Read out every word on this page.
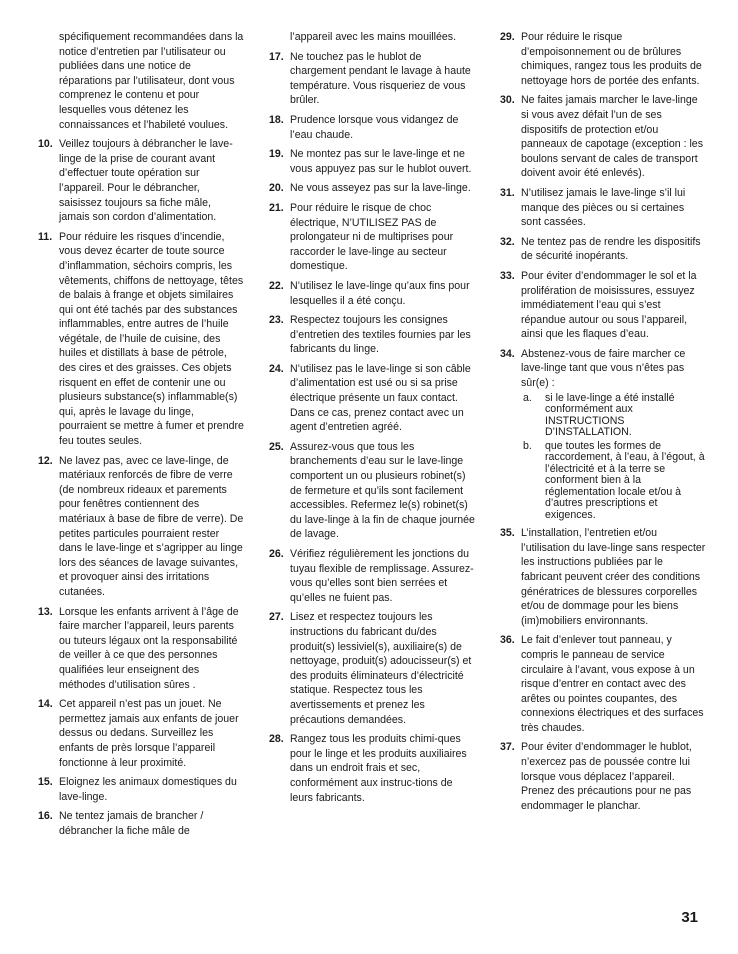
spécifiquement recommandées dans la notice d’entretien par l’utilisateur ou publiées dans une notice de réparations par l’utilisateur, dont vous comprenez le contenu et pour lesquelles vous détenez les connaissances et l’habileté voulues.
10. Veillez toujours à débrancher le lave-linge de la prise de courant avant d’effectuer toute opération sur l’appareil. Pour le débrancher, saisissez toujours sa fiche mâle, jamais son cordon d’alimentation.
11. Pour réduire les risques d’incendie, vous devez écarter de toute source d’inflammation, séchoirs compris, les vêtements, chiffons de nettoyage, têtes de balais à frange et objets similaires qui ont été tachés par des substances inflammables, entre autres de l’huile végétale, de l’huile de cuisine, des huiles et distillats à base de pétrole, des cires et des graisses. Ces objets risquent en effet de contenir une ou plusieurs substance(s) inflammable(s) qui, après le lavage du linge, pourraient se mettre à fumer et prendre feu toutes seules.
12. Ne lavez pas, avec ce lave-linge, de matériaux renforcés de fibre de verre (de nombreux rideaux et parements pour fenêtres contiennent des matériaux à base de fibre de verre). De petites particules pourraient rester dans le lave-linge et s’agripper au linge lors des séances de lavage suivantes, et provoquer ainsi des irritations cutanées.
13. Lorsque les enfants arrivent à l’âge de faire marcher l’appareil, leurs parents ou tuteurs légaux ont la responsabilité de veiller à ce que des personnes qualifiées leur enseignent des méthodes d’utilisation sûres .
14. Cet appareil n’est pas un jouet. Ne permettez jamais aux enfants de jouer dessus ou dedans. Surveillez les enfants de près lorsque l’appareil fonctionne à leur proximité.
15. Eloignez les animaux domestiques du lave-linge.
16. Ne tentez jamais de brancher / débrancher la fiche mâle de
l’appareil avec les mains mouillées.
17. Ne touchez pas le hublot de chargement pendant le lavage à haute température. Vous risqueriez de vous brûler.
18. Prudence lorsque vous vidangez de l’eau chaude.
19. Ne montez pas sur le lave-linge et ne vous appuyez pas sur le hublot ouvert.
20. Ne vous asseyez pas sur la lave-linge.
21. Pour réduire le risque de choc électrique, N’UTILISEZ PAS de prolongateur ni de multiprises pour raccorder le lave-linge au secteur domestique.
22. N’utilisez le lave-linge qu’aux fins pour lesquelles il a été conçu.
23. Respectez toujours les consignes d’entretien des textiles fournies par les fabricants du linge.
24. N’utilisez pas le lave-linge si son câble d’alimentation est usé ou si sa prise électrique présente un faux contact. Dans ce cas, prenez contact avec un agent d’entretien agréé.
25. Assurez-vous que tous les branchements d’eau sur le lave-linge comportent un ou plusieurs robinet(s) de fermeture et qu’ils sont facilement accessibles. Refermez le(s) robinet(s) du lave-linge à la fin de chaque journée de lavage.
26. Vérifiez régulièrement les jonctions du tuyau flexible de remplissage. Assurez-vous qu’elles sont bien serrées et qu’elles ne fuient pas.
27. Lisez et respectez toujours les instructions du fabricant du/des produit(s) lessiviel(s), auxiliaire(s) de nettoyage, produit(s) adoucisseur(s) et des produits éliminateurs d’électricité statique. Respectez tous les avertissements et prenez les précautions demandées.
28. Rangez tous les produits chimi-ques pour le linge et les produits auxiliaires dans un endroit frais et sec, conformément aux instruc-tions de leurs fabricants.
29. Pour réduire le risque d’empoisonnement ou de brûlures chimiques, rangez tous les produits de nettoyage hors de portée des enfants.
30. Ne faites jamais marcher le lave-linge si vous avez défait l’un de ses dispositifs de protection et/ou panneaux de capotage (exception : les boulons servant de cales de transport doivent avoir été enlevés).
31. N’utilisez jamais le lave-linge s’il lui manque des pièces ou si certaines sont cassées.
32. Ne tentez pas de rendre les dispositifs de sécurité inopérants.
33. Pour éviter d’endommager le sol et la prolifération de moisissures, essuyez immédiatement l’eau qui s’est répandue autour ou sous l’appareil, ainsi que les flaques d’eau.
34. Abstenez-vous de faire marcher ce lave-linge tant que vous n’êtes pas sûr(e) :
a. si le lave-linge a été installé conformément aux INSTRUCTIONS D’INSTALLATION.
b. que toutes les formes de raccordement, à l’eau, à l’égout, à l’électricité et à la terre se conforment bien à la réglementation locale et/ou à d’autres prescriptions et exigences.
35. L’installation, l’entretien et/ou l’utilisation du lave-linge sans respecter les instructions publiées par le fabricant peuvent créer des conditions génératrices de blessures corporelles et/ou de dommage pour les biens (im)mobiliers environnants.
36. Le fait d’enlever tout panneau, y compris le panneau de service circulaire à l’avant, vous expose à un risque d’entrer en contact avec des arêtes ou pointes coupantes, des connexions électriques et des surfaces très chaudes.
37. Pour éviter d’endommager le hublot, n’exercez pas de poussée contre lui lorsque vous déplacez l’appareil. Prenez des précautions pour ne pas endommager le planchar.
31
